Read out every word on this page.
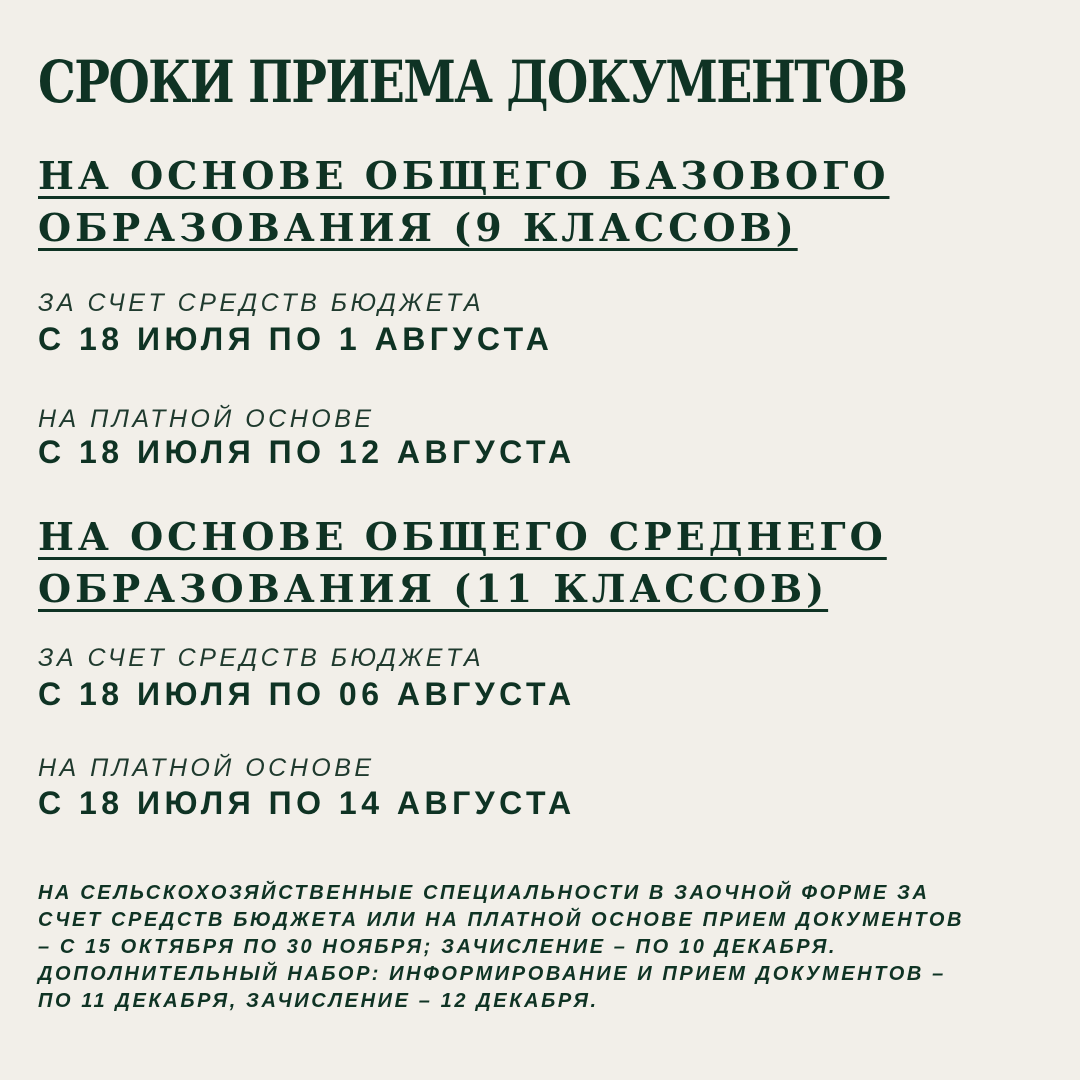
СРОКИ ПРИЕМА ДОКУМЕНТОВ
НА ОСНОВЕ ОБЩЕГО БАЗОВОГО
ОБРАЗОВАНИЯ (9 КЛАССОВ)
ЗА СЧЕТ СРЕДСТВ БЮДЖЕТА
С 18 ИЮЛЯ ПО 1 АВГУСТА
НА ПЛАТНОЙ ОСНОВЕ
С 18 ИЮЛЯ ПО 12 АВГУСТА
НА ОСНОВЕ ОБЩЕГО СРЕДНЕГО
ОБРАЗОВАНИЯ (11 КЛАССОВ)
ЗА СЧЕТ СРЕДСТВ БЮДЖЕТА
С 18 ИЮЛЯ ПО 06 АВГУСТА
НА ПЛАТНОЙ ОСНОВЕ
С 18 ИЮЛЯ ПО 14 АВГУСТА
НА СЕЛЬСКОХОЗЯЙСТВЕННЫЕ СПЕЦИАЛЬНОСТИ В ЗАОЧНОЙ ФОРМЕ ЗА
СЧЕТ СРЕДСТВ БЮДЖЕТА ИЛИ НА ПЛАТНОЙ ОСНОВЕ ПРИЕМ ДОКУМЕНТОВ
– С 15 ОКТЯБРЯ ПО 30 НОЯБРЯ; ЗАЧИСЛЕНИЕ – ПО 10 ДЕКАБРЯ.
ДОПОЛНИТЕЛЬНЫЙ НАБОР: ИНФОРМИРОВАНИЕ И ПРИЕМ ДОКУМЕНТОВ –
ПО 11 ДЕКАБРЯ, ЗАЧИСЛЕНИЕ – 12 ДЕКАБРЯ.
